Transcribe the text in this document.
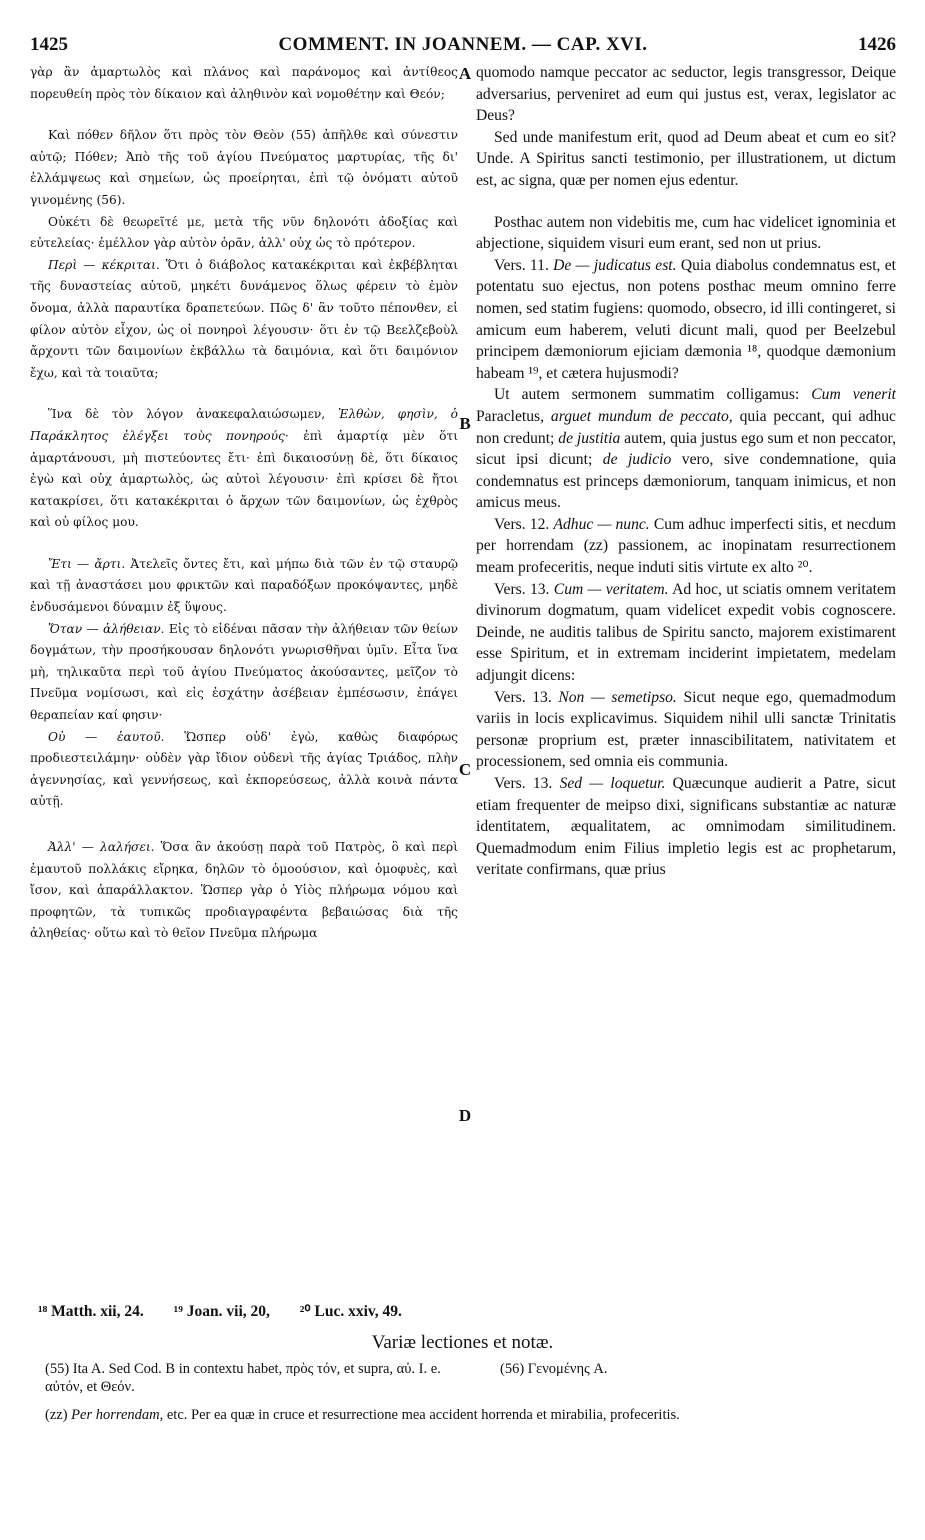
1425	COMMENT. IN JOANNEM. — CAP. XVI.	1426

γὰρ ἂν ἁμαρτωλὸς καὶ πλάνος καὶ παράνομος καὶ ἀντίθεος πορευθείη πρὸς τὸν δίκαιον καὶ ἀληθινὸν καὶ νομοθέτην καὶ Θεόν;

Καὶ πόθεν δῆλον ὅτι πρὸς τὸν Θεὸν (55) ἀπῆλθε καὶ σύνεστιν αὐτῷ; Πόθεν; Ἀπὸ τῆς τοῦ ἁγίου Πνεύματος μαρτυρίας, τῆς δι' ἐλλάμψεως καὶ σημείων, ὡς προείρηται, ἐπὶ τῷ ὀνόματι αὐτοῦ γινομένης (56).

Οὐκέτι δὲ θεωρεῖτέ με, μετὰ τῆς νῦν δηλονότι ἀδοξίας καὶ εὐτελείας· ἐμέλλον γὰρ αὐτὸν ὁρᾶν, ἀλλ' οὐχ ὡς τὸ πρότερον.

Περὶ — κέκριται. Ὅτι ὁ διάβολος κατακέκριται καὶ ἐκβέβληται τῆς δυναστείας αὐτοῦ, μηκέτι δυνάμενος ὅλως φέρειν τὸ ἐμὸν ὄνομα, ἀλλὰ παραυτίκα δραπετεύων. Πῶς δ' ἂν τοῦτο πέπονθεν, εἰ φίλον αὐτὸν εἶχον, ὡς οἱ πονηροὶ λέγουσιν· ὅτι ἐν τῷ Βεελζεβοὺλ ἄρχοντι τῶν δαιμονίων ἐκβάλλω τὰ δαιμόνια, καὶ ὅτι δαιμόνιον ἔχω, καὶ τὰ τοιαῦτα;

Ἵνα δὲ τὸν λόγον ἀνακεφαλαιώσωμεν, Ἐλθὼν, φησὶν, ὁ Παράκλητος ἐλέγξει τοὺς πονηρούς· ἐπὶ ἁμαρτίᾳ μὲν ὅτι ἁμαρτάνουσι, μὴ πιστεύοντες ἔτι· ἐπὶ δικαιοσύνῃ δὲ, ὅτι δίκαιος ἐγὼ καὶ οὐχ ἁμαρτωλὸς, ὡς αὐτοὶ λέγουσιν· ἐπὶ κρίσει δὲ ἤτοι κατακρίσει, ὅτι κατακέκριται ὁ ἄρχων τῶν δαιμονίων, ὡς ἐχθρὸς καὶ οὐ φίλος μου.

Ἔτι — ἄρτι. Ἀτελεῖς ὄντες ἔτι, καὶ μήπω διὰ τῶν ἐν τῷ σταυρῷ καὶ τῇ ἀναστάσει μου φρικτῶν καὶ παραδόξων προκόψαντες, μηδὲ ἐνδυσάμενοι δύναμιν ἐξ ὕψους.

Ὅταν — ἀλήθειαν. Εἰς τὸ εἰδέναι πᾶσαν τὴν ἀλήθειαν τῶν θείων δογμάτων, τὴν προσήκουσαν δηλονότι γνωρισθῆναι ὑμῖν. Εἶτα ἵνα μὴ, τηλικαῦτα περὶ τοῦ ἁγίου Πνεύματος ἀκούσαντες, μεῖζον τὸ Πνεῦμα νομίσωσι, καὶ εἰς ἐσχάτην ἀσέβειαν ἐμπέσωσιν, ἐπάγει θεραπείαν καί φησιν·

Οὐ — ἑαυτοῦ. Ὥσπερ οὐδ' ἐγὼ, καθὼς διαφόρως προδιεστειλάμην· οὐδὲν γὰρ ἴδιον οὐδενὶ τῆς ἁγίας Τριάδος, πλὴν ἀγεννησίας, καὶ γεννήσεως, καὶ ἐκπορεύσεως, ἀλλὰ κοινὰ πάντα αὐτῇ.

Ἀλλ' — λαλήσει. Ὅσα ἂν ἀκούσῃ παρὰ τοῦ Πατρὸς, ὃ καὶ περὶ ἐμαυτοῦ πολλάκις εἴρηκα, δηλῶν τὸ ὁμοούσιον, καὶ ὁμοφυὲς, καὶ ἴσον, καὶ ἀπαράλλακτον. Ὥσπερ γὰρ ὁ Υἱὸς πλήρωμα νόμου καὶ προφητῶν, τὰ τυπικῶς προδιαγραφέντα βεβαιώσας διὰ τῆς ἀληθείας· οὕτω καὶ τὸ θεῖον Πνεῦμα πλήρωμα

A
B
C
D

quomodo namque peccator ac seductor, legis transgressor, Deique adversarius, perveniret ad eum qui justus est, verax, legislator ac Deus?

Sed unde manifestum erit, quod ad Deum abeat et cum eo sit? Unde. A Spiritus sancti testimonio, per illustrationem, ut dictum est, ac signa, quæ per nomen ejus edentur.

Posthac autem non videbitis me, cum hac videlicet ignominia et abjectione, siquidem visuri eum erant, sed non ut prius.

Vers. 11. De — judicatus est. Quia diabolus condemnatus est, et potentatu suo ejectus, non potens posthac meum omnino ferre nomen, sed statim fugiens: quomodo, obsecro, id illi contingeret, si amicum eum haberem, veluti dicunt mali, quod per Beelzebul principem dæmoniorum ejiciam dæmonia ¹⁸, quodque dæmonium habeam ¹⁹, et cætera hujusmodi?

Ut autem sermonem summatim colligamus: Cum venerit Paracletus, arguet mundum de peccato, quia peccant, qui adhuc non credunt; de justitia autem, quia justus ego sum et non peccator, sicut ipsi dicunt; de judicio vero, sive condemnatione, quia condemnatus est princeps dæmoniorum, tanquam inimicus, et non amicus meus.

Vers. 12. Adhuc — nunc. Cum adhuc imperfecti sitis, et necdum per horrendam (zz) passionem, ac inopinatam resurrectionem meam profeceritis, neque induti sitis virtute ex alto ²⁰.

Vers. 13. Cum — veritatem. Ad hoc, ut sciatis omnem veritatem divinorum dogmatum, quam videlicet expedit vobis cognoscere. Deinde, ne auditis talibus de Spiritu sancto, majorem existimarent esse Spiritum, et in extremam inciderint impietatem, medelam adjungit dicens:

Vers. 13. Non — semetipso. Sicut neque ego, quemadmodum variis in locis explicavimus. Siquidem nihil ulli sanctæ Trinitatis personæ proprium est, præter innascibilitatem, nativitatem et processionem, sed omnia eis communia.

Vers. 13. Sed — loquetur. Quæcunque audierit a Patre, sicut etiam frequenter de meipso dixi, significans substantiæ ac naturæ identitatem, æqualitatem, ac omnimodam similitudinem. Quemadmodum enim Filius impletio legis est ac prophetarum, veritate confirmans, quæ prius

¹⁸ Matth. xii, 24. ¹⁹ Joan. vii, 20, ²⁰ Luc. xxiv, 49.
Variæ lectiones et notæ.
(55) Ita A. Sed Cod. B in contextu habet, πρὸς τόν, et supra, αὐ. I. e. αὐτόν, et Θεόν.
(56) Γενομένης A.
(zz) Per horrendam, etc. Per ea quæ in cruce et resurrectione mea accident horrenda et mirabilia, profeceritis.
